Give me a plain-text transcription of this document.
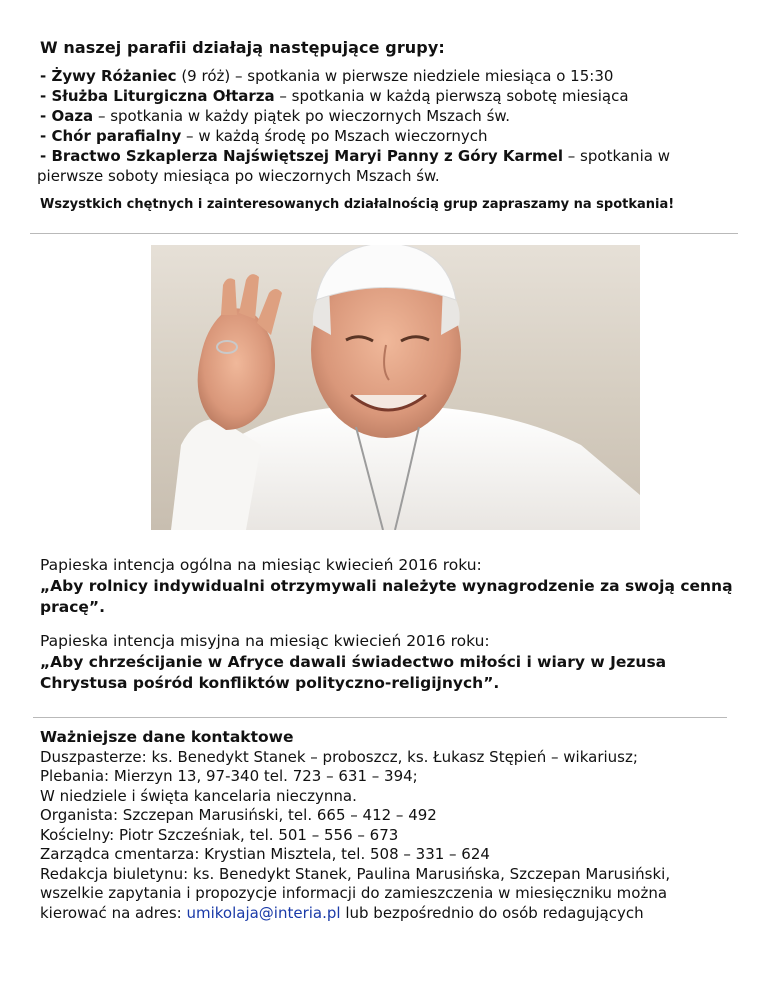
W naszej parafii działają następujące grupy:
- Żywy Różaniec (9 róż) – spotkania w pierwsze niedziele miesiąca o 15:30
- Służba Liturgiczna Ołtarza – spotkania w każdą pierwszą sobotę miesiąca
- Oaza – spotkania w każdy piątek po wieczornych Mszach św.
- Chór parafialny – w każdą środę po Mszach wieczornych
- Bractwo Szkaplerza Najświętszej Maryi Panny z Góry Karmel – spotkania w
pierwsze soboty miesiąca po wieczornych Mszach św.
Wszystkich chętnych i zainteresowanych działalnością grup zapraszamy na spotkania!
Papieska intencja ogólna na miesiąc kwiecień 2016 roku:
„Aby rolnicy indywidualni otrzymywali należyte wynagrodzenie za swoją cenną pracę”.
Papieska intencja misyjna na miesiąc kwiecień 2016 roku:
„Aby chrześcijanie w Afryce dawali świadectwo miłości i wiary w Jezusa Chrystusa pośród konfliktów polityczno-religijnych”.
Ważniejsze dane kontaktowe
Duszpasterze: ks. Benedykt Stanek – proboszcz, ks. Łukasz Stępień – wikariusz;
Plebania: Mierzyn 13, 97-340 tel. 723 – 631 – 394;
W niedziele i święta kancelaria nieczynna.
Organista: Szczepan Marusiński, tel. 665 – 412 – 492
Kościelny: Piotr Szcześniak, tel. 501 – 556 – 673
Zarządca cmentarza: Krystian Misztela, tel. 508 – 331 – 624
Redakcja biuletynu: ks. Benedykt Stanek, Paulina Marusińska, Szczepan Marusiński,
wszelkie zapytania i propozycje informacji do zamieszczenia w miesięczniku można
kierować na adres: umikolaja@interia.pl lub bezpośrednio do osób redagujących
